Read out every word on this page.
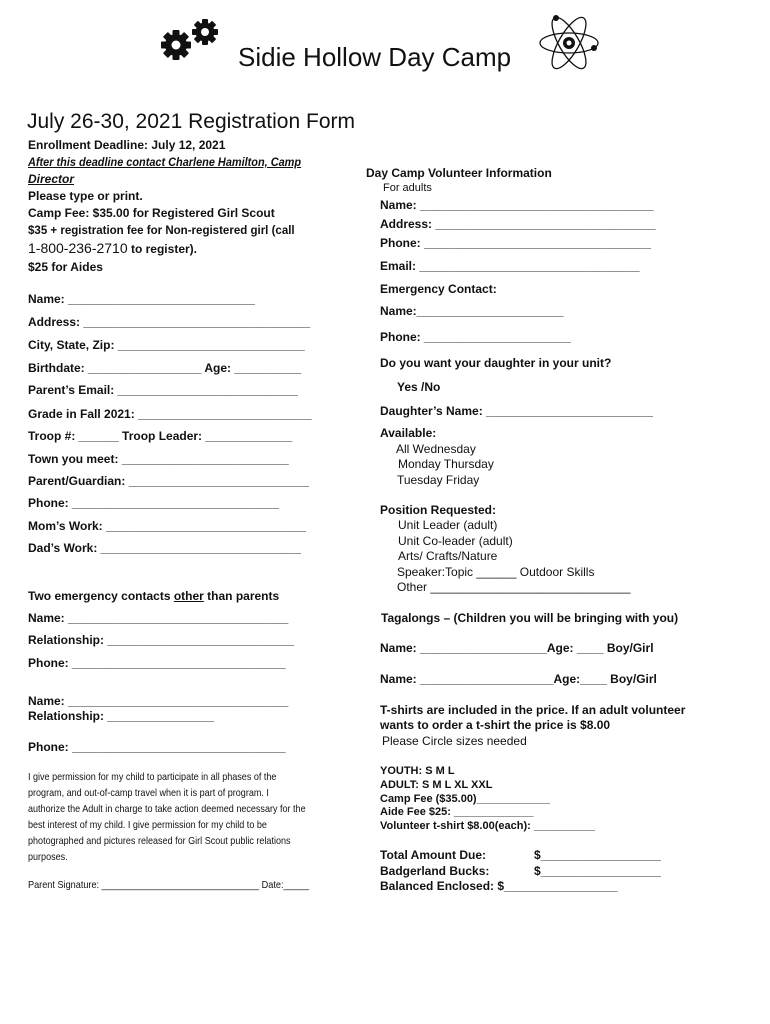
Sidie Hollow Day Camp
July 26-30, 2021 Registration Form
Enrollment Deadline: July 12, 2021
After this deadline contact Charlene Hamilton, Camp
Director
Please type or print.
Camp Fee: $35.00 for Registered Girl Scout
$35 + registration fee for Non-registered girl (call
1-800-236-2710 to register).
$25 for Aides
Name: ____________________________
Address: __________________________________
City, State, Zip: ____________________________
Birthdate: _________________ Age: __________
Parent’s Email: ___________________________
Grade in Fall 2021: __________________________
Troop #: ______ Troop Leader: _____________
Town you meet: _________________________
Parent/Guardian: ___________________________
Phone: _______________________________
Mom’s Work: ______________________________
Dad’s Work: ______________________________
Two emergency contacts other than parents
Name: _________________________________
Relationship: ____________________________
Phone: ________________________________
Name: _________________________________
Relationship: ________________
Phone: ________________________________
I give permission for my child to participate in all phases of the
program, and out-of-camp travel when it is part of program. I
authorize the Adult in charge to take action deemed necessary for the
best interest of my child. I give permission for my child to be
photographed and pictures released for Girl Scout public relations
purposes.
Parent Signature: _______________________________ Date:_____
Day Camp Volunteer Information
For adults
Name: ___________________________________
Address: _________________________________
Phone: __________________________________
Email: _________________________________
Emergency Contact:
Name:______________________
Phone: ______________________
Do you want your daughter in your unit?
Yes /No
Daughter’s Name: _________________________
Available:
All Wednesday
Monday Thursday
Tuesday Friday
Position Requested:
Unit Leader (adult)
Unit Co-leader (adult)
Arts/ Crafts/Nature
Speaker:Topic ______ Outdoor Skills
Other ______________________________
Tagalongs – (Children you will be bringing with you)
Name: ___________________Age: ____ Boy/Girl
Name: ____________________Age:____ Boy/Girl
T-shirts are included in the price. If an adult volunteer
wants to order a t-shirt the price is $8.00
Please Circle sizes needed
YOUTH: S M L
ADULT: S M L XL XXL
Camp Fee ($35.00)____________
Aide Fee $25: _____________
Volunteer t-shirt $8.00(each): __________
Total Amount Due:	$__________________
Badgerland Bucks:	$__________________
Balanced Enclosed: $_________________
